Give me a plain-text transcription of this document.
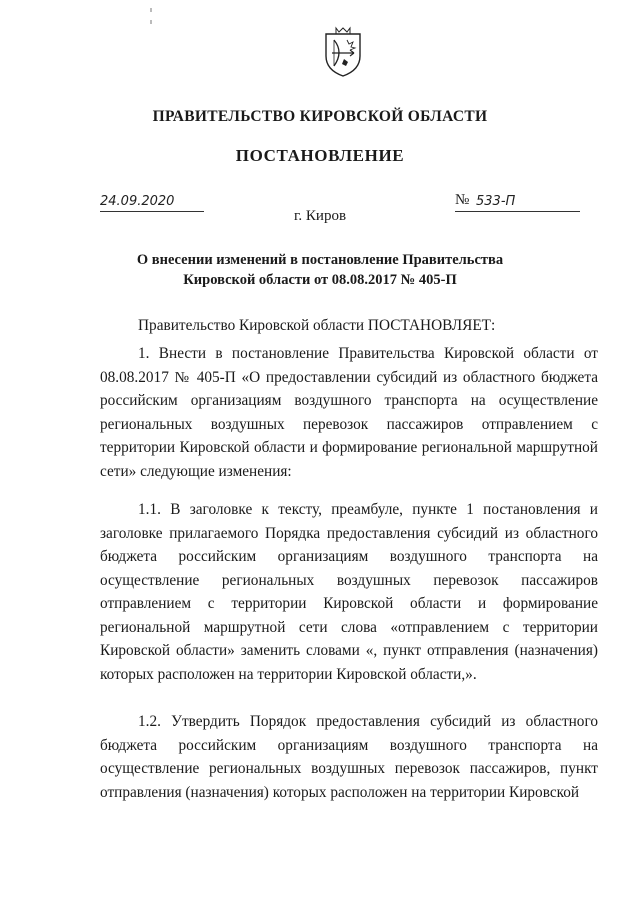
ПРАВИТЕЛЬСТВО КИРОВСКОЙ ОБЛАСТИ
ПОСТАНОВЛЕНИЕ
24.09.2020	№ 533-П
г. Киров
О внесении изменений в постановление Правительства
Кировской области от 08.08.2017 № 405-П
Правительство Кировской области ПОСТАНОВЛЯЕТ:
1. Внести в постановление Правительства Кировской области от 08.08.2017 № 405-П «О предоставлении субсидий из областного бюджета российским организациям воздушного транспорта на осуществление региональных воздушных перевозок пассажиров отправлением с территории Кировской области и формирование региональной маршрутной сети» следующие изменения:
1.1. В заголовке к тексту, преамбуле, пункте 1 постановления и заголовке прилагаемого Порядка предоставления субсидий из областного бюджета российским организациям воздушного транспорта на осуществление региональных воздушных перевозок пассажиров отправлением с территории Кировской области и формирование региональной маршрутной сети слова «отправлением с территории Кировской области» заменить словами «, пункт отправления (назначения) которых расположен на территории Кировской области,».
1.2. Утвердить Порядок предоставления субсидий из областного бюджета российским организациям воздушного транспорта на осуществление региональных воздушных перевозок пассажиров, пункт отправления (назначения) которых расположен на территории Кировской
